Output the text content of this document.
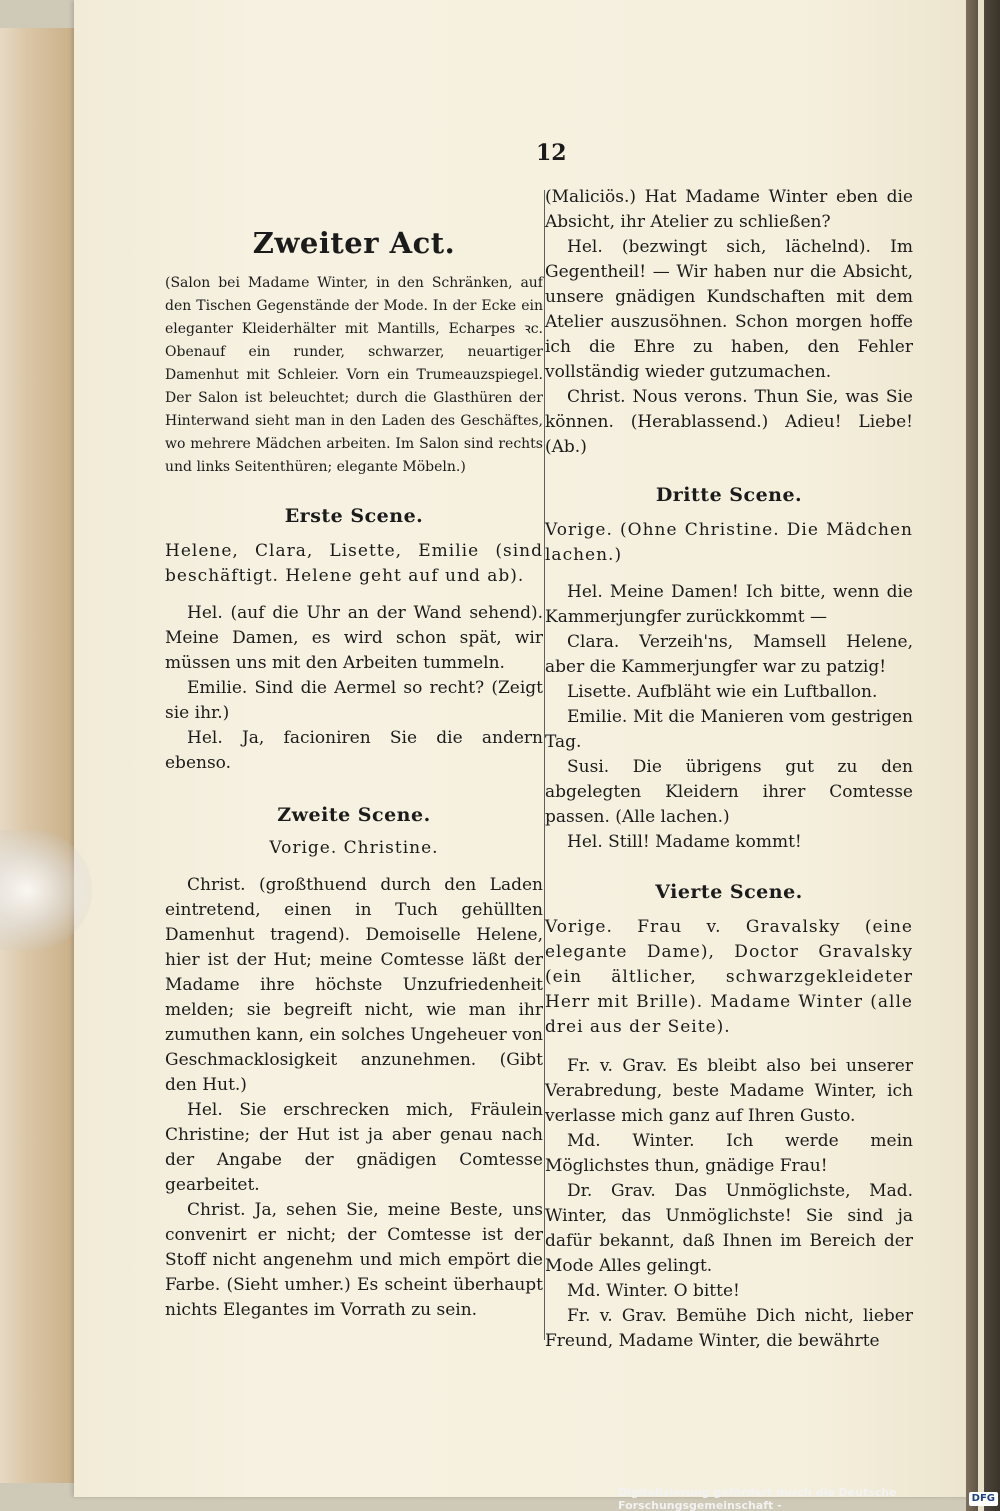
12
Zweiter Act.

(Salon bei Madame Winter, in den Schränken, auf den Tischen Gegenstände der Mode. In der Ecke ein eleganter Kleiderhälter mit Mantills, Echarpes ꝛc. Obenauf ein runder, schwarzer, neuartiger Damenhut mit Schleier. Vorn ein Trumeauzspiegel. Der Salon ist beleuchtet; durch die Glasthüren der Hinterwand sieht man in den Laden des Geschäftes, wo mehrere Mädchen arbeiten. Im Salon sind rechts und links Seitenthüren; elegante Möbeln.)

Erste Scene.

Helene, Clara, Lisette, Emilie (sind beschäftigt. Helene geht auf und ab).

Hel. (auf die Uhr an der Wand sehend). Meine Damen, es wird schon spät, wir müssen uns mit den Arbeiten tummeln.

Emilie. Sind die Aermel so recht? (Zeigt sie ihr.)

Hel. Ja, facioniren Sie die andern ebenso.

Zweite Scene.

Vorige. Christine.

Christ. (großthuend durch den Laden eintretend, einen in Tuch gehüllten Damenhut tragend). Demoiselle Helene, hier ist der Hut; meine Comtesse läßt der Madame ihre höchste Unzufriedenheit melden; sie begreift nicht, wie man ihr zumuthen kann, ein solches Ungeheuer von Geschmacklosigkeit anzunehmen. (Gibt den Hut.)

Hel. Sie erschrecken mich, Fräulein Christine; der Hut ist ja aber genau nach der Angabe der gnädigen Comtesse gearbeitet.

Christ. Ja, sehen Sie, meine Beste, uns convenirt er nicht; der Comtesse ist der Stoff nicht angenehm und mich empört die Farbe. (Sieht umher.) Es scheint überhaupt nichts Elegantes im Vorrath zu sein.

(Maliciös.) Hat Madame Winter eben die Absicht, ihr Atelier zu schließen?

Hel. (bezwingt sich, lächelnd). Im Gegentheil! — Wir haben nur die Absicht, unsere gnädigen Kundschaften mit dem Atelier auszusöhnen. Schon morgen hoffe ich die Ehre zu haben, den Fehler vollständig wieder gutzumachen.

Christ. Nous verons. Thun Sie, was Sie können. (Herablassend.) Adieu! Liebe! (Ab.)

Dritte Scene.

Vorige. (Ohne Christine. Die Mädchen lachen.)

Hel. Meine Damen! Ich bitte, wenn die Kammerjungfer zurückkommt —

Clara. Verzeih'ns, Mamsell Helene, aber die Kammerjungfer war zu patzig!

Lisette. Aufbläht wie ein Luftballon.

Emilie. Mit die Manieren vom gestrigen Tag.

Susi. Die übrigens gut zu den abgelegten Kleidern ihrer Comtesse passen. (Alle lachen.)

Hel. Still! Madame kommt!

Vierte Scene.

Vorige. Frau v. Gravalsky (eine elegante Dame), Doctor Gravalsky (ein ältlicher, schwarzgekleideter Herr mit Brille). Madame Winter (alle drei aus der Seite).

Fr. v. Grav. Es bleibt also bei unserer Verabredung, beste Madame Winter, ich verlasse mich ganz auf Ihren Gusto.

Md. Winter. Ich werde mein Möglichstes thun, gnädige Frau!

Dr. Grav. Das Unmöglichste, Mad. Winter, das Unmöglichste! Sie sind ja dafür bekannt, daß Ihnen im Bereich der Mode Alles gelingt.

Md. Winter. O bitte!

Fr. v. Grav. Bemühe Dich nicht, lieber Freund, Madame Winter, die bewährte

Digitalisierung gefördert durch die Deutsche Forschungsgemeinschaft -
DFG
